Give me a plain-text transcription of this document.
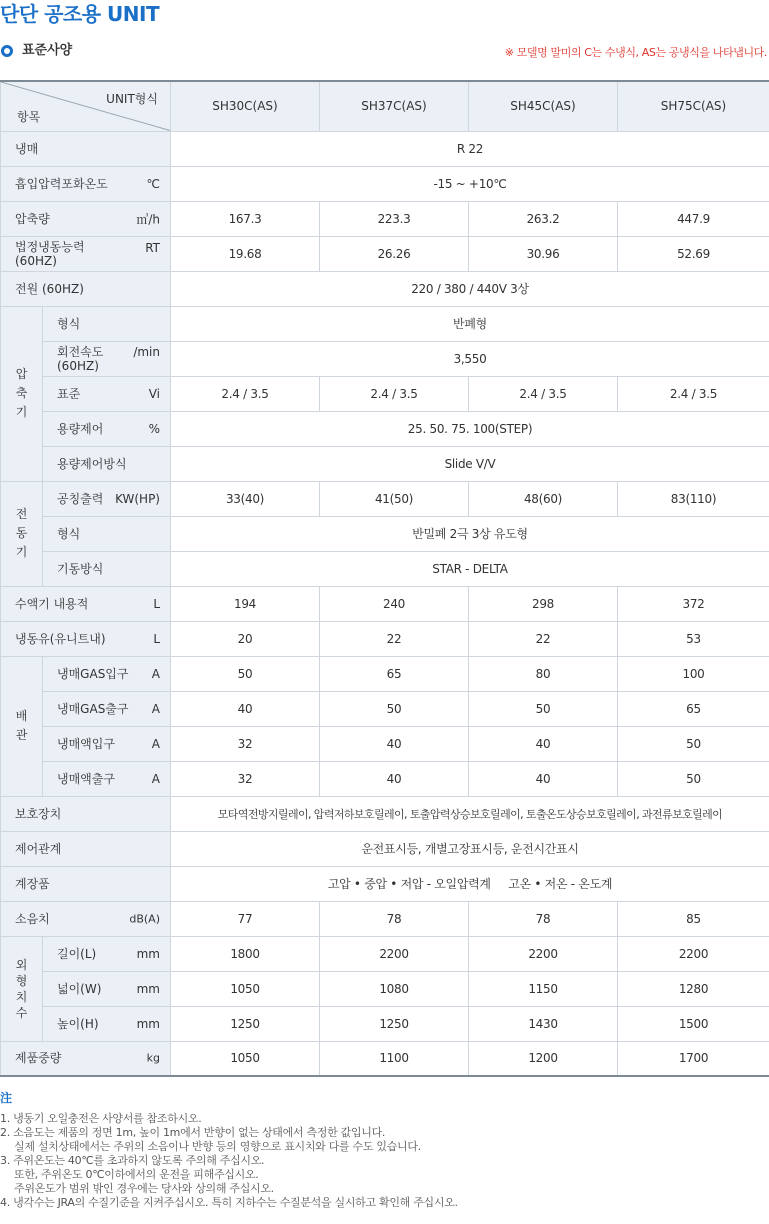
단단 공조용 UNIT
표준사양	※ 모델명 말미의 C는 수냉식, AS는 공냉식을 나타냅니다.
UNIT형식
항목		SH30C(AS)	SH37C(AS)	SH45C(AS)	SH75C(AS)

냉매		R 22			

흡입압력포화온도 ℃		-15 ~ +10℃			

압축량 ㎥/h		167.3	223.3	263.2	447.9

법정냉동능력
(60HZ)
RT		19.68	26.26	30.96	52.69

전원 (60HZ)		220 / 380 / 440V 3상			
압
축
기	형식	반폐형			

	회전속도
(60HZ)
/min	3,550			

	표준 Vi	2.4 / 3.5	2.4 / 3.5	2.4 / 3.5	2.4 / 3.5

	용량제어 %	25. 50. 75. 100(STEP)			

	용량제어방식	Slide V/V			
전
동
기	공칭출력 KW(HP)	33(40)	41(50)	48(60)	83(110)

	형식	반밀폐 2극 3상 유도형			

	기동방식	STAR - DELTA			

수액기 내용적 L		194	240	298	372

냉동유(유니트내) L		20	22	22	53
배
관	냉매GAS입구 A	50	65	80	100

	냉매GAS출구 A	40	50	50	65

	냉매액입구 A	32	40	40	50

	냉매액출구 A	32	40	40	50

보호장치		모타역전방지릴레이, 압력저하보호릴레이, 토출압력상승보호릴레이, 토출온도상승보호릴레이, 과전류보호릴레이			

제어관계		운전표시등, 개별고장표시등, 운전시간표시			

계장품		고압 • 중압 • 저압 - 오일압력계     고온 • 저온 - 온도계			

소음치 dB(A)		77	78	78	85
외
형
치
수	길이(L) mm	1800	2200	2200	2200

	넓이(W) mm	1050	1080	1150	1280

	높이(H) mm	1250	1250	1430	1500

제품중량 kg		1050	1100	1200	1700
注
1. 냉동기 오일충전은 사양서를 참조하시오.
2. 소음도는 제품의 정면 1m, 높이 1m에서 반향이 없는 상태에서 측정한 값입니다.
실제 설치상태에서는 주위의 소음이나 반향 등의 영향으로 표시치와 다를 수도 있습니다.
3. 주위온도는 40℃를 초과하지 않도록 주의해 주십시오.
또한, 주위온도 0℃이하에서의 운전을 피해주십시오.
주위온도가 범위 밖인 경우에는 당사와 상의해 주십시오.
4. 냉각수는 JRA의 수질기준을 지켜주십시오. 특히 지하수는 수질분석을 실시하고 확인해 주십시오.
